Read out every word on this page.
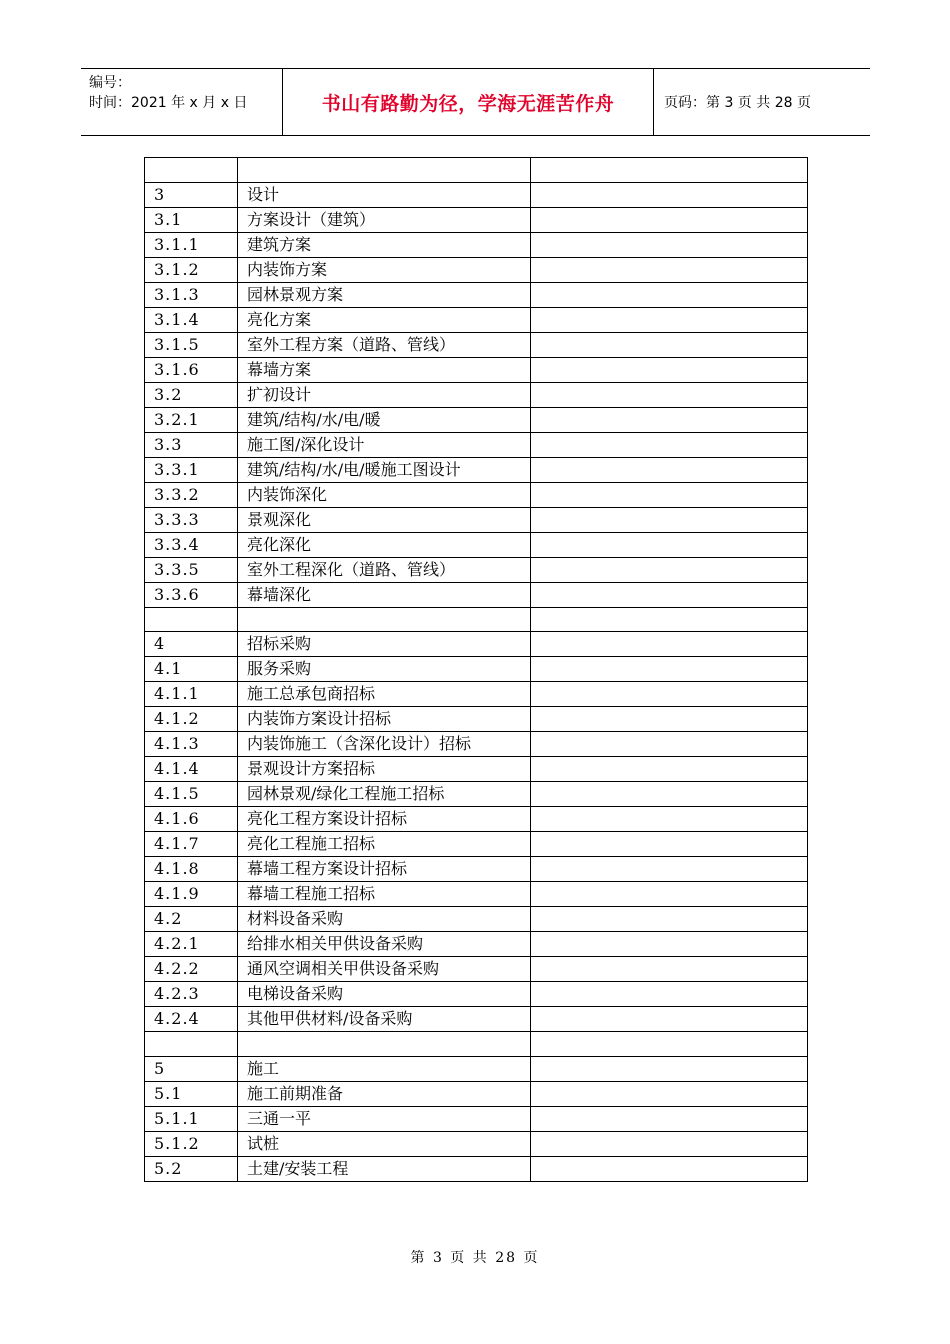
编号：
时间：2021 年 x 月 x 日	书山有路勤为径，学海无涯苦作舟	页码：第 3 页 共 28 页

3	设计	
3.1	方案设计（建筑）	
3.1.1	建筑方案	
3.1.2	内装饰方案	
3.1.3	园林景观方案	
3.1.4	亮化方案	
3.1.5	室外工程方案（道路、管线）	
3.1.6	幕墙方案	
3.2	扩初设计	
3.2.1	建筑/结构/水/电/暖	
3.3	施工图/深化设计	
3.3.1	建筑/结构/水/电/暖施工图设计	
3.3.2	内装饰深化	
3.3.3	景观深化	
3.3.4	亮化深化	
3.3.5	室外工程深化（道路、管线）	
3.3.6	幕墙深化	

4	招标采购	
4.1	服务采购	
4.1.1	施工总承包商招标	
4.1.2	内装饰方案设计招标	
4.1.3	内装饰施工（含深化设计）招标	
4.1.4	景观设计方案招标	
4.1.5	园林景观/绿化工程施工招标	
4.1.6	亮化工程方案设计招标	
4.1.7	亮化工程施工招标	
4.1.8	幕墙工程方案设计招标	
4.1.9	幕墙工程施工招标	
4.2	材料设备采购	
4.2.1	给排水相关甲供设备采购	
4.2.2	通风空调相关甲供设备采购	
4.2.3	电梯设备采购	
4.2.4	其他甲供材料/设备采购	

5	施工	
5.1	施工前期准备	
5.1.1	三通一平	
5.1.2	试桩	
5.2	土建/安装工程	
第 3 页 共 28 页
